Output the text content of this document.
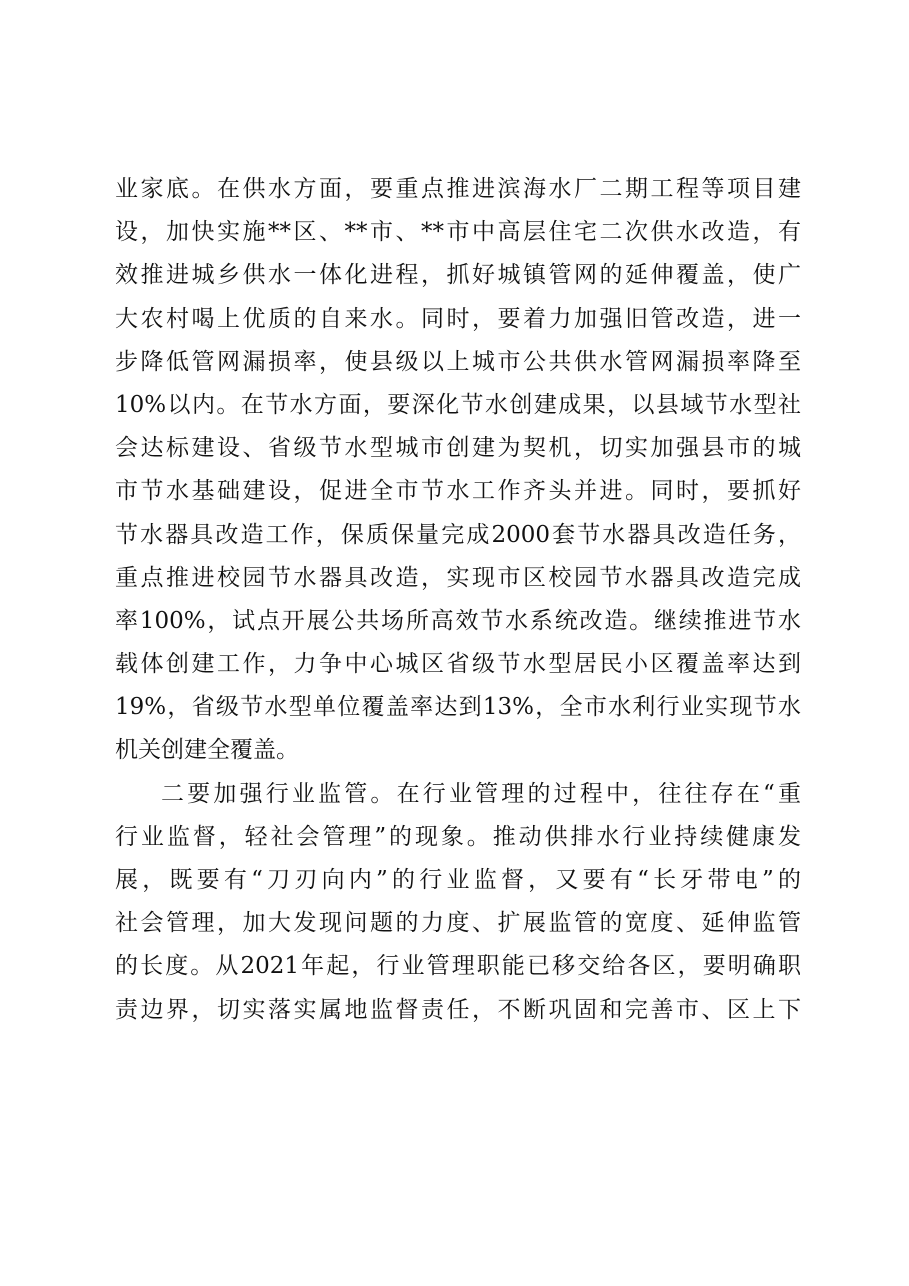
业家底。在供水方面，要重点推进滨海水厂二期工程等项目建
设，加快实施**区、**市、**市中高层住宅二次供水改造，有
效推进城乡供水一体化进程，抓好城镇管网的延伸覆盖，使广
大农村喝上优质的自来水。同时，要着力加强旧管改造，进一
步降低管网漏损率，使县级以上城市公共供水管网漏损率降至
10%以内。在节水方面，要深化节水创建成果，以县域节水型社
会达标建设、省级节水型城市创建为契机，切实加强县市的城
市节水基础建设，促进全市节水工作齐头并进。同时，要抓好
节水器具改造工作，保质保量完成2000套节水器具改造任务，
重点推进校园节水器具改造，实现市区校园节水器具改造完成
率100%，试点开展公共场所高效节水系统改造。继续推进节水
载体创建工作，力争中心城区省级节水型居民小区覆盖率达到
19%，省级节水型单位覆盖率达到13%，全市水利行业实现节水
机关创建全覆盖。
二要加强行业监管。在行业管理的过程中，往往存在“重
行业监督，轻社会管理”的现象。推动供排水行业持续健康发
展，既要有“刀刃向内”的行业监督，又要有“长牙带电”的
社会管理，加大发现问题的力度、扩展监管的宽度、延伸监管
的长度。从2021年起，行业管理职能已移交给各区，要明确职
责边界，切实落实属地监督责任，不断巩固和完善市、区上下
